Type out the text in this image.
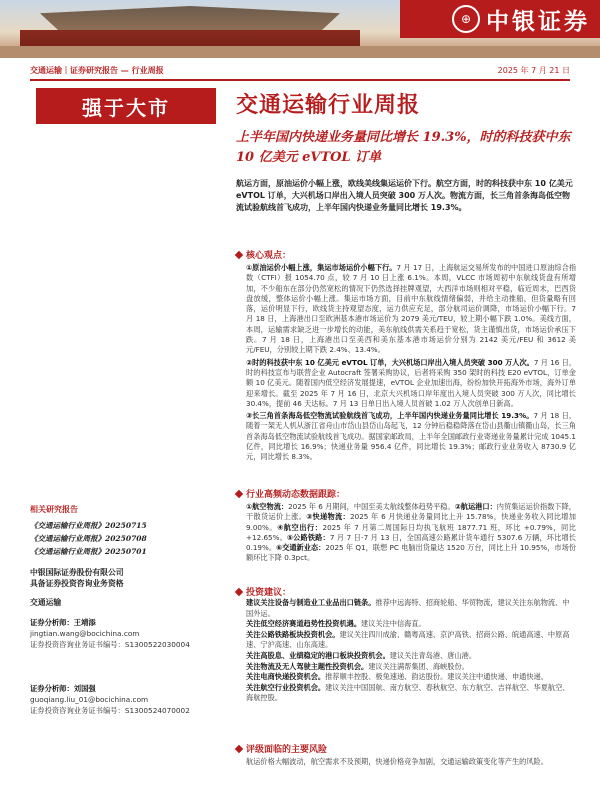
⊕ 中银证券
交通运输｜证券研究报告 — 行业周报	2025 年 7 月 21 日
强于大市	交通运输行业周报
上半年国内快递业务量同比增长 19.3%，时的科技获中东 10 亿美元 eVTOL 订单
航运方面，原油运价小幅上涨，欧线美线集运运价下行。航空方面，时的科技获中东 10 亿美元 eVTOL 订单，大兴机场口岸出入境人员突破 300 万人次。物流方面，长三角首条海岛低空物流试验航线首飞成功，上半年国内快递业务量同比增长 19.3%。
核心观点：

①原油运价小幅上涨，集运市场运价小幅下行。7 月 17 日，上海航运交易所发布的中国进口原油综合指数（CTFI）报 1054.70 点，较 7 月 10 日上涨 6.1%。本周，VLCC 市场周初中东航线货盘有所增加，不少船东在部分仍然宽松的情况下仍然选择挂牌观望，大西洋市场则相对平稳，临近周末，巴西货盘放缓，整体运价小幅上涨。集运市场方面，目前中东航线情绪偏弱，并给主动推船，但货量略有回落，运价明显下行，欧线货主持观望态度，运力供应充足，部分航司运价调降，市场运价小幅下行。7 月 18 日，上海港出口至欧洲基本港市场运价为 2079 美元/TEU，较上期小幅下跌 1.0%。美线方面，本周，运输需求缺乏进一步增长的动能，美东航线供需关系趋于宽松，货主谨慎出货，市场运价承压下跌。7 月 18 日，上海港出口至美西和美东基本港市场运价分别为 2142 美元/FEU 和 3612 美元/FEU，分别较上期下跌 2.4%、13.4%。

②时的科技获中东 10 亿美元 eVTOL 订单，大兴机场口岸出入境人员突破 300 万人次。7 月 16 日，时的科技宣布与联营企业 Autocraft 签署采购协议，后者将采购 350 架时的科技 E20 eVTOL，订单金额 10 亿美元。随着国内低空经济发展提速，eVTOL 企业加速出海，纷纷加快开拓海外市场，海外订单迎来增长。截至 2025 年 7 月 16 日，北京大兴机场口岸年度出入境人员突破 300 万人次，同比增长 30.4%，提前 46 天达标。7 月 13 日单日出入境人员首破 1.02 万人次创单日新高。

③长三角首条海岛低空物流试验航线首飞成功，上半年国内快递业务量同比增长 19.3%。7 月 18 日，随着一架无人机从浙江省舟山市岱山县岱山岛起飞，12 分钟后稳稳降落在岱山县衢山镇衢山岛，长三角首条海岛低空物流试验航线首飞成功。据国家邮政局，上半年全国邮政行业寄递业务量累计完成 1045.1 亿件，同比增长 16.9%；快递业务量 956.4 亿件，同比增长 19.3%；邮政行业业务收入 8730.9 亿元，同比增长 8.3%。

行业高频动态数据跟踪：

①航空物流：2025 年 6 月期间，中国至美太航线整体趋势平稳。②航运港口：内贸集运运价指数下降，干散货运价上涨。③快递物流：2025 年 6 月快递业务量同比上升 15.78%，快递业务收入同比增加 9.00%。④航空出行：2025 年 7 月第二周国际日均执飞航班 1877.71 班，环比 +0.79%，同比 +12.65%。⑤公路铁路：7 月 7 日-7 月 13 日，全国高速公路累计货车通行 5307.6 万辆，环比增长 0.19%。⑥交通新业态：2025 年 Q1，联想 PC 电脑出货量达 1520 万台，同比上升 10.95%，市场份额环比下降 0.3pct。

投资建议：
建议关注设备与制造业工业品出口链条。推荐中远海特、招商轮船、华贸物流，建议关注东航物流、中国外运。
关注低空经济赛道趋势性投资机遇。建议关注中信海直。
关注公路铁路板块投资机会。建议关注四川成渝、赣粤高速、京沪高铁、招商公路、皖通高速、中原高速、宁沪高速、山东高速。
关注高股息、业绩稳定的港口板块投资机会。建议关注青岛港、唐山港。
关注物流及无人驾驶主题性投资机会。建议关注满帮集团、海峡股份。
关注电商快递投资机会。推荐顺丰控股、极兔速递、韵达股份。建议关注中通快递、申通快递。
关注航空行业投资机会。建议关注中国国航、南方航空、春秋航空、东方航空、吉祥航空、华夏航空、海航控股。
评级面临的主要风险

航运价格大幅波动，航空需求不及预期，快递价格竞争加剧，交通运输政策变化等产生的风险。

相关研究报告
《交通运输行业周报》20250715
《交通运输行业周报》20250708
《交通运输行业周报》20250701
中银国际证券股份有限公司
具备证券投资咨询业务资格
交通运输
证券分析师：王靖添
jingtian.wang@bocichina.com
证券投资咨询业务证书编号：S1300522030004
证券分析师：刘国强
guoqiang.liu_01@bocichina.com
证券投资咨询业务证书编号：S1300524070002
